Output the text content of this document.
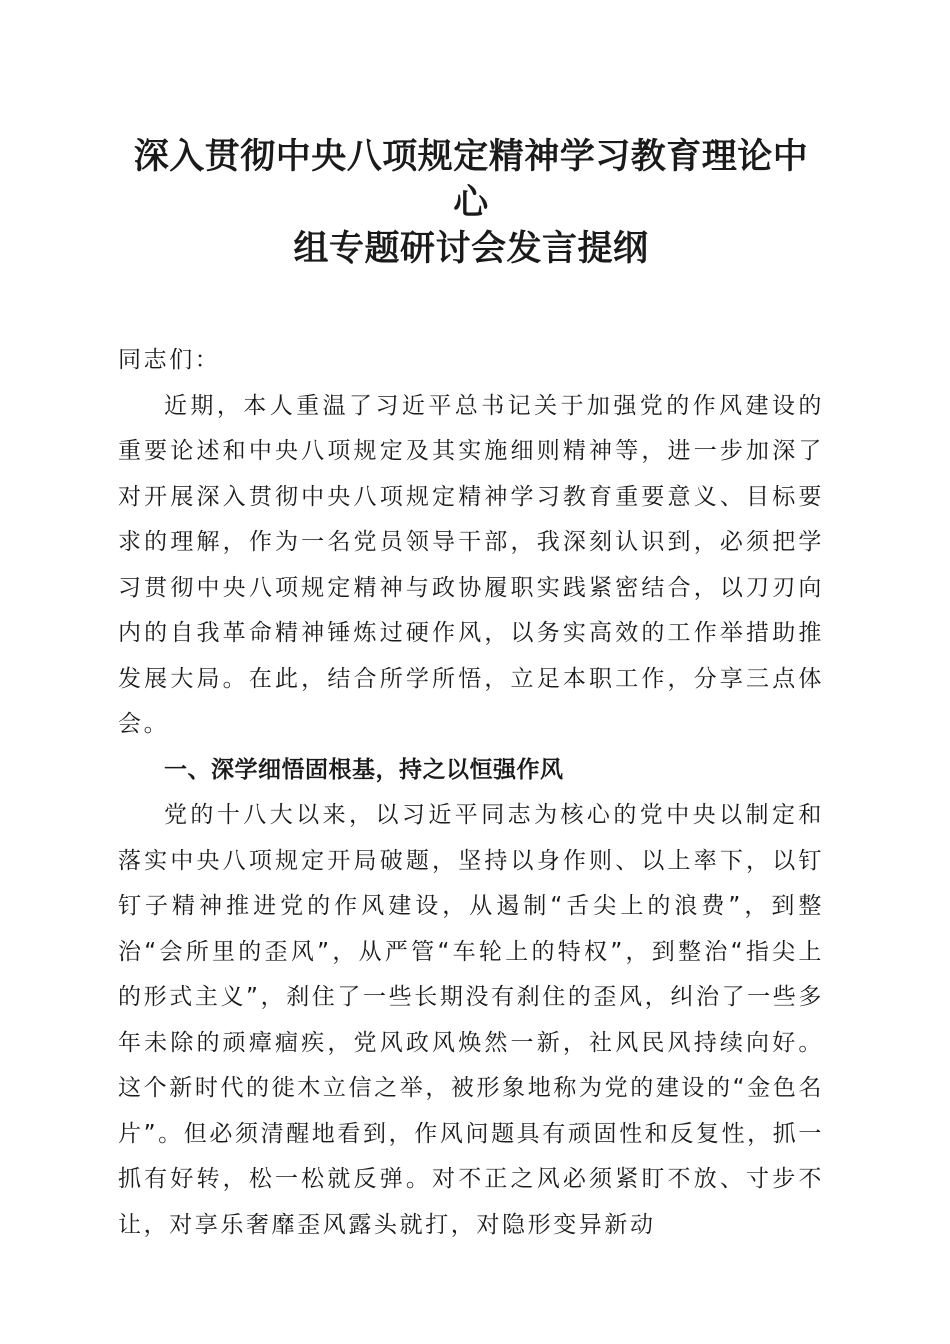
深入贯彻中央八项规定精神学习教育理论中心
组专题研讨会发言提纲

同志们：

近期，本人重温了习近平总书记关于加强党的作风建设的重要论述和中央八项规定及其实施细则精神等，进一步加深了对开展深入贯彻中央八项规定精神学习教育重要意义、目标要求的理解，作为一名党员领导干部，我深刻认识到，必须把学习贯彻中央八项规定精神与政协履职实践紧密结合，以刀刃向内的自我革命精神锤炼过硬作风，以务实高效的工作举措助推发展大局。在此，结合所学所悟，立足本职工作，分享三点体会。

一、深学细悟固根基，持之以恒强作风

党的十八大以来，以习近平同志为核心的党中央以制定和落实中央八项规定开局破题，坚持以身作则、以上率下，以钉钉子精神推进党的作风建设，从遏制“舌尖上的浪费”，到整治“会所里的歪风”，从严管“车轮上的特权”，到整治“指尖上的形式主义”，刹住了一些长期没有刹住的歪风，纠治了一些多年未除的顽瘴痼疾，党风政风焕然一新，社风民风持续向好。这个新时代的徙木立信之举，被形象地称为党的建设的“金色名片”。但必须清醒地看到，作风问题具有顽固性和反复性，抓一抓有好转，松一松就反弹。对不正之风必须紧盯不放、寸步不让，对享乐奢靡歪风露头就打，对隐形变异新动
